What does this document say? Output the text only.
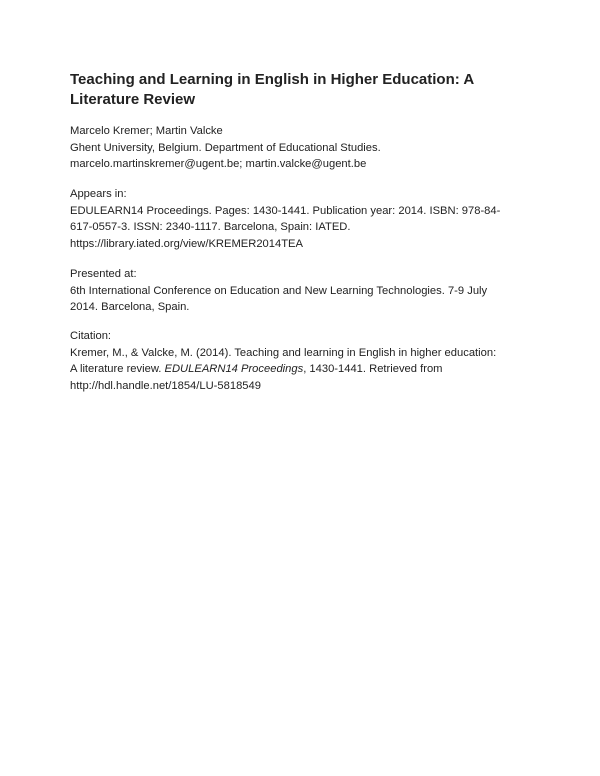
Teaching and Learning in English in Higher Education: A
Literature Review
Marcelo Kremer; Martin Valcke
Ghent University, Belgium. Department of Educational Studies.
marcelo.martinskremer@ugent.be; martin.valcke@ugent.be
Appears in:
EDULEARN14 Proceedings. Pages: 1430-1441. Publication year: 2014. ISBN: 978-84-
617-0557-3. ISSN: 2340-1117. Barcelona, Spain: IATED.
https://library.iated.org/view/KREMER2014TEA
Presented at:
6th International Conference on Education and New Learning Technologies. 7-9 July
2014. Barcelona, Spain.
Citation:
Kremer, M., & Valcke, M. (2014). Teaching and learning in English in higher education:
A literature review. EDULEARN14 Proceedings, 1430-1441. Retrieved from
http://hdl.handle.net/1854/LU-5818549
